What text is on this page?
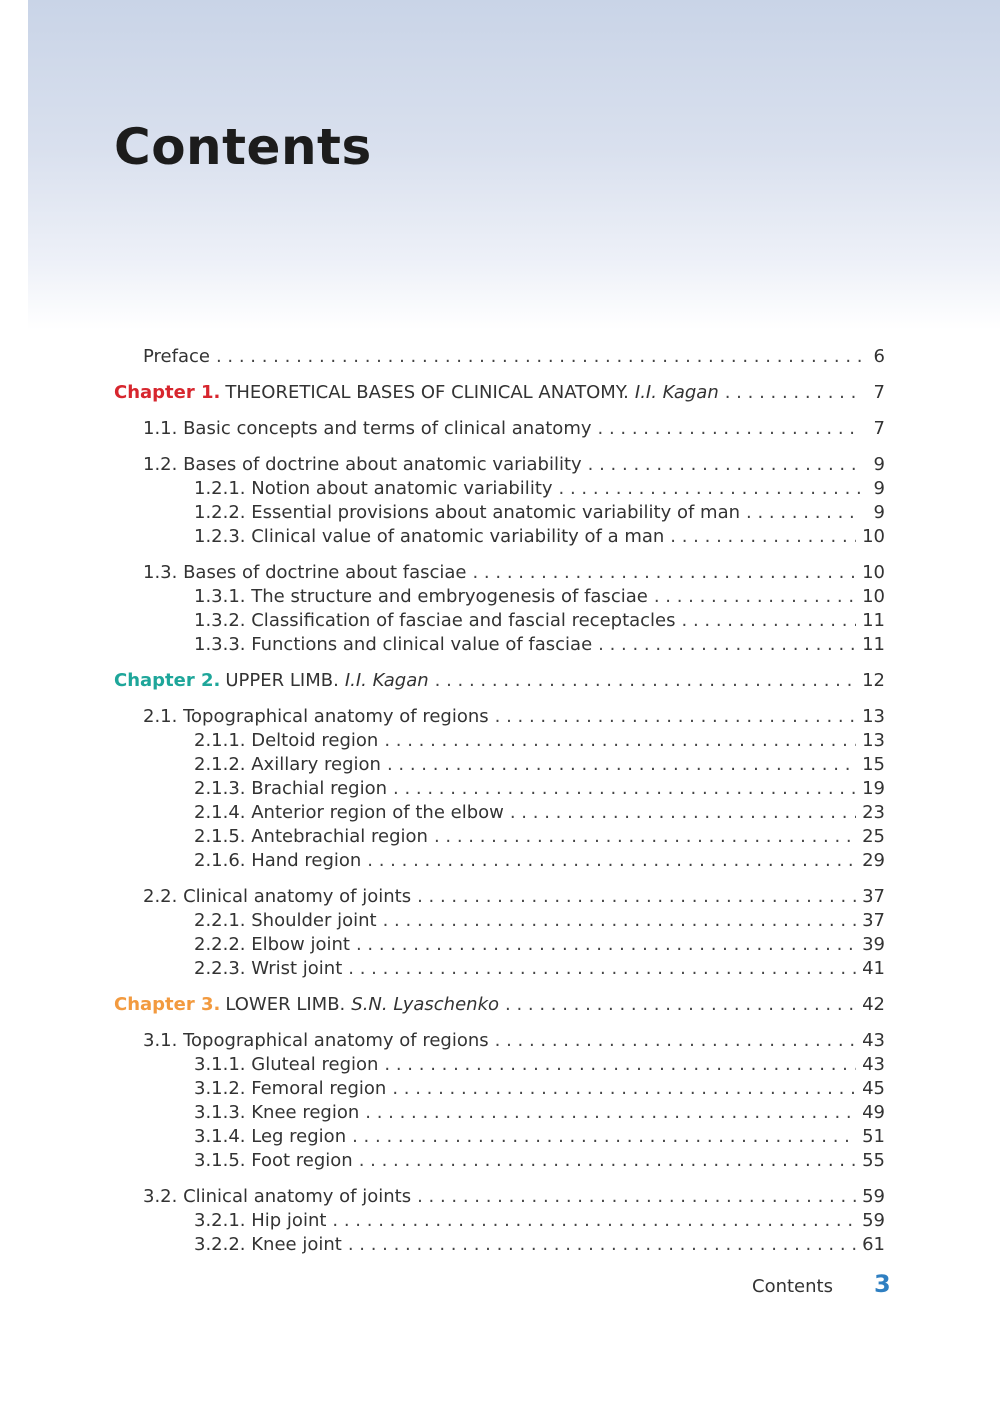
Contents
Preface . . .	6
Chapter 1. THEORETICAL BASES OF CLINICAL ANATOMY. I.I. Kagan . . .	7
1.1. Basic concepts and terms of clinical anatomy . . .	7
1.2. Bases of doctrine about anatomic variability . . .	9
1.2.1. Notion about anatomic variability . . .	9
1.2.2. Essential provisions about anatomic variability of man . . .	9
1.2.3. Clinical value of anatomic variability of a man . . .	10
1.3. Bases of doctrine about fasciae . . .	10
1.3.1. The structure and embryogenesis of fasciae . . .	10
1.3.2. Classification of fasciae and fascial receptacles . . .	11
1.3.3. Functions and clinical value of fasciae . . .	11
Chapter 2. UPPER LIMB. I.I. Kagan . . .	12
2.1. Topographical anatomy of regions . . .	13
2.1.1. Deltoid region . . .	13
2.1.2. Axillary region . . .	15
2.1.3. Brachial region . . .	19
2.1.4. Anterior region of the elbow . . .	23
2.1.5. Antebrachial region . . .	25
2.1.6. Hand region . . .	29
2.2. Clinical anatomy of joints . . .	37
2.2.1. Shoulder joint . . .	37
2.2.2. Elbow joint . . .	39
2.2.3. Wrist joint . . .	41
Chapter 3. LOWER LIMB. S.N. Lyaschenko . . .	42
3.1. Topographical anatomy of regions . . .	43
3.1.1. Gluteal region . . .	43
3.1.2. Femoral region . . .	45
3.1.3. Knee region . . .	49
3.1.4. Leg region . . .	51
3.1.5. Foot region . . .	55
3.2. Clinical anatomy of joints . . .	59
3.2.1. Hip joint . . .	59
3.2.2. Knee joint . . .	61
Contents 3
